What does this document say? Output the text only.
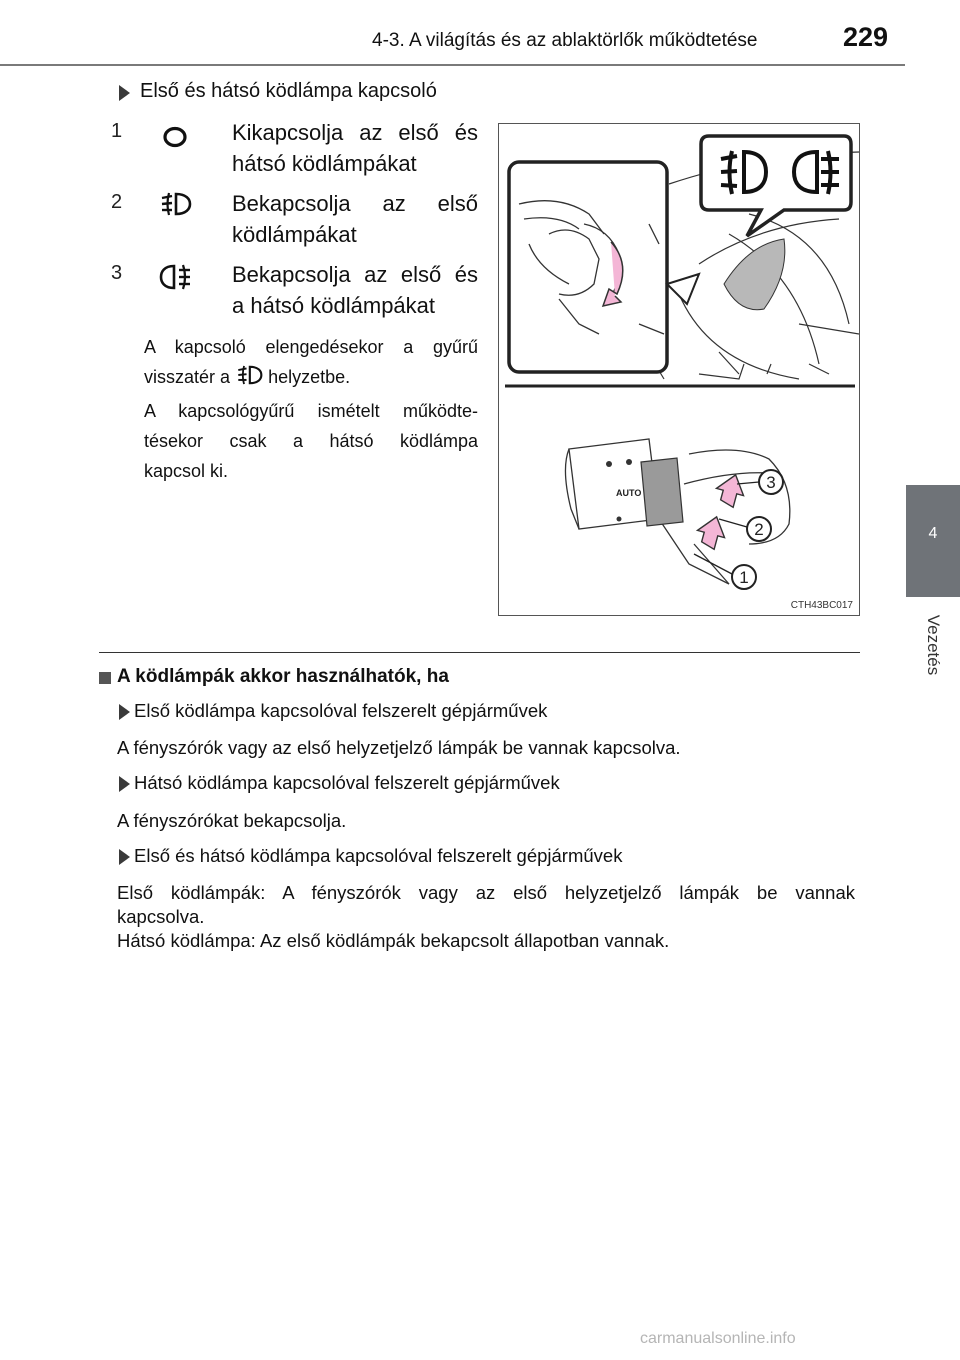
4-3. A világítás és az ablaktörlők működtetése	229
4
Vezetés
Első és hátsó ködlámpa kapcsoló
1	Kikapcsolja az első és
hátsó ködlámpákat
2	Bekapcsolja az első
ködlámpákat
3	Bekapcsolja az első és
a hátsó ködlámpákat
A kapcsoló elengedésekor a gyűrű
visszatér a helyzetbe.
A kapcsológyűrű ismételt működte-
tésekor csak a hátsó ködlámpa
kapcsol ki.
AUTO
1
2
3
CTH43BC017
A ködlámpák akkor használhatók, ha
Első ködlámpa kapcsolóval felszerelt gépjárművek
A fényszórók vagy az első helyzetjelző lámpák be vannak kapcsolva.
Hátsó ködlámpa kapcsolóval felszerelt gépjárművek
A fényszórókat bekapcsolja.
Első és hátsó ködlámpa kapcsolóval felszerelt gépjárművek
Első ködlámpák: A fényszórók vagy az első helyzetjelző lámpák be vannak
kapcsolva.
Hátsó ködlámpa: Az első ködlámpák bekapcsolt állapotban vannak.
carmanualsonline.info
